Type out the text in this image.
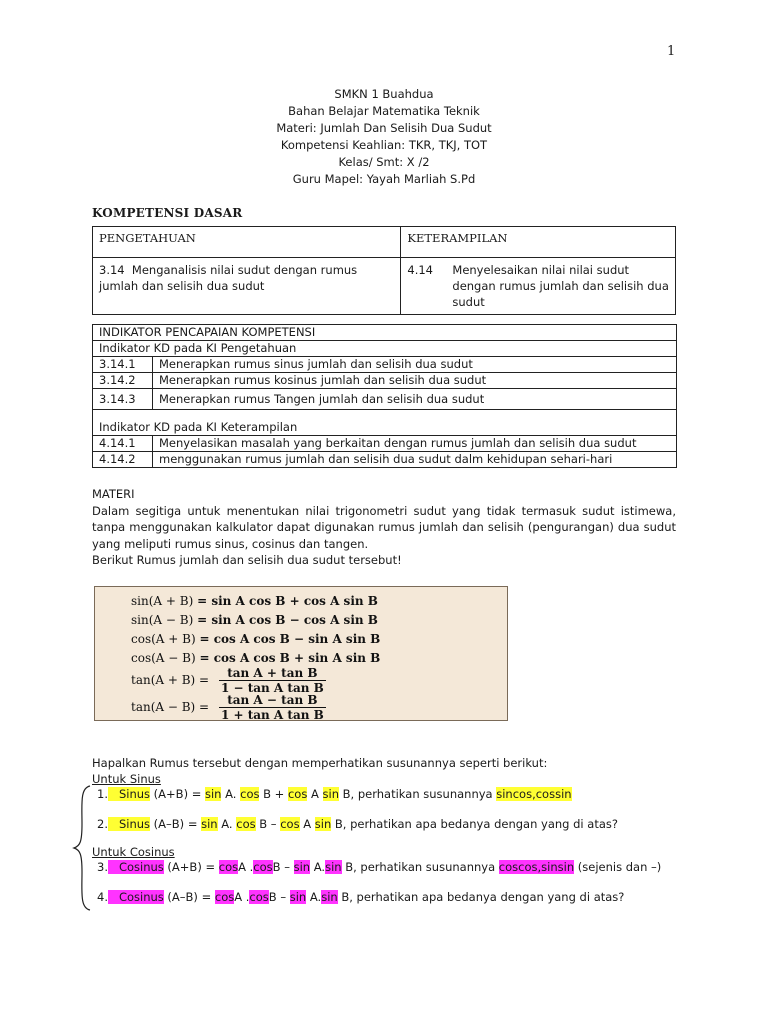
1
SMKN 1 Buahdua
Bahan Belajar Matematika Teknik
Materi: Jumlah Dan Selisih Dua Sudut
Kompetensi Keahlian: TKR, TKJ, TOT
Kelas/ Smt: X /2
Guru Mapel: Yayah Marliah S.Pd
KOMPETENSI DASAR
PENGETAHUAN	KETERAMPILAN
3.14 Menganalisis nilai sudut dengan rumus jumlah dan selisih dua sudut	4.14 Menyelesaikan nilai nilai sudut dengan rumus jumlah dan selisih dua sudut
INDIKATOR PENCAPAIAN KOMPETENSI	
Indikator KD pada KI Pengetahuan	
3.14.1	Menerapkan rumus sinus jumlah dan selisih dua sudut
3.14.2	Menerapkan rumus kosinus jumlah dan selisih dua sudut
3.14.3	Menerapkan rumus Tangen jumlah dan selisih dua sudut
Indikator KD pada KI Keterampilan	
4.14.1	Menyelasikan masalah yang berkaitan dengan rumus jumlah dan selisih dua sudut
4.14.2	menggunakan rumus jumlah dan selisih dua sudut dalm kehidupan sehari-hari
MATERI
Dalam segitiga untuk menentukan nilai trigonometri sudut yang tidak termasuk sudut istimewa, tanpa menggunakan kalkulator dapat digunakan rumus jumlah dan selisih (pengurangan) dua sudut yang meliputi rumus sinus, cosinus dan tangen.
Berikut Rumus jumlah dan selisih dua sudut tersebut!
sin(A + B) = sin A cos B + cos A sin B
sin(A − B) = sin A cos B − cos A sin B
cos(A + B) = cos A cos B − sin A sin B
cos(A − B) = cos A cos B + sin A sin B
$\tan(A + B) = \frac{\text{tan A + tan B}}{\text{1 − tan A tan B}}$
$\tan(A - B) = \frac{\text{tan A − tan B}}{\text{1 + tan A tan B}}$
Hapalkan Rumus tersebut dengan memperhatikan susunannya seperti berikut:
Untuk Sinus
1. Sinus (A+B) = sin A. cos B + cos A sin B, perhatikan susunannya sincos,cossin
2. Sinus (A–B) = sin A. cos B – cos A sin B, perhatikan apa bedanya dengan yang di atas?
Untuk Cosinus
3. Cosinus (A+B) = cosA .cosB – sin A.sin B, perhatikan susunannya coscos,sinsin (sejenis dan –)
4. Cosinus (A–B) = cosA .cosB – sin A.sin B, perhatikan apa bedanya dengan yang di atas?
